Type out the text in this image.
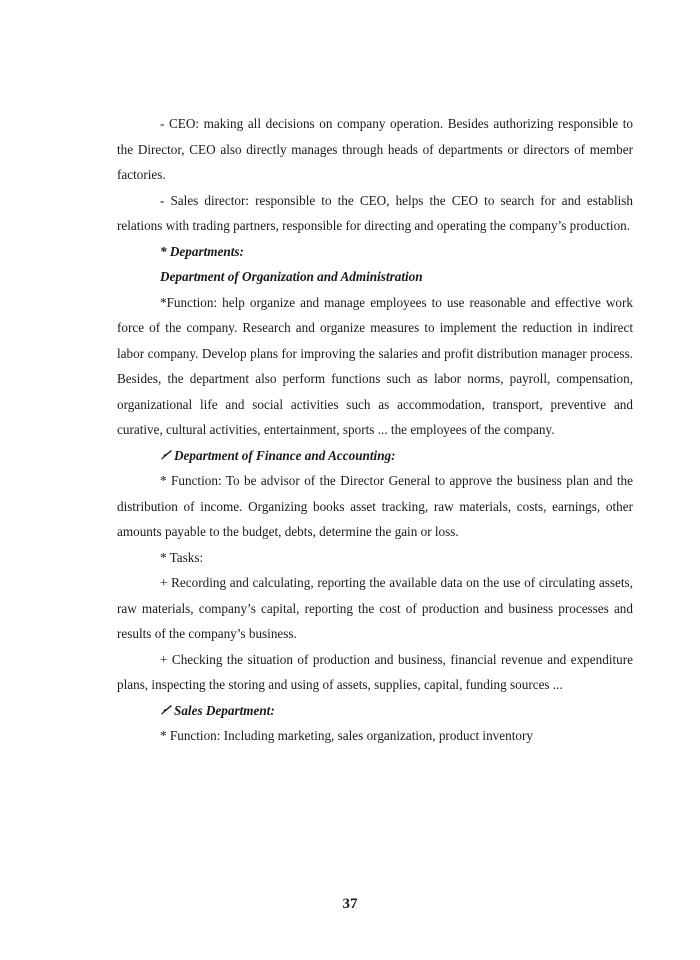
- CEO: making all decisions on company operation. Besides authorizing responsible to the Director, CEO also directly manages through heads of departments or directors of member factories.

- Sales director: responsible to the CEO, helps the CEO to search for and establish relations with trading partners, responsible for directing and operating the company’s production.

* Departments:

Department of Organization and Administration

*Function: help organize and manage employees to use reasonable and effective work force of the company. Research and organize measures to implement the reduction in indirect labor company. Develop plans for improving the salaries and profit distribution manager process. Besides, the department also perform functions such as labor norms, payroll, compensation, organizational life and social activities such as accommodation, transport, preventive and curative, cultural activities, entertainment, sports ... the employees of the company.

Department of Finance and Accounting:

* Function: To be advisor of the Director General to approve the business plan and the distribution of income. Organizing books asset tracking, raw materials, costs, earnings, other amounts payable to the budget, debts, determine the gain or loss.

* Tasks:

+ Recording and calculating, reporting the available data on the use of circulating assets, raw materials, company’s capital, reporting the cost of production and business processes and results of the company’s business.

+ Checking the situation of production and business, financial revenue and expenditure plans, inspecting the storing and using of assets, supplies, capital, funding sources ...

Sales Department:

* Function: Including marketing, sales organization, product inventory

37
